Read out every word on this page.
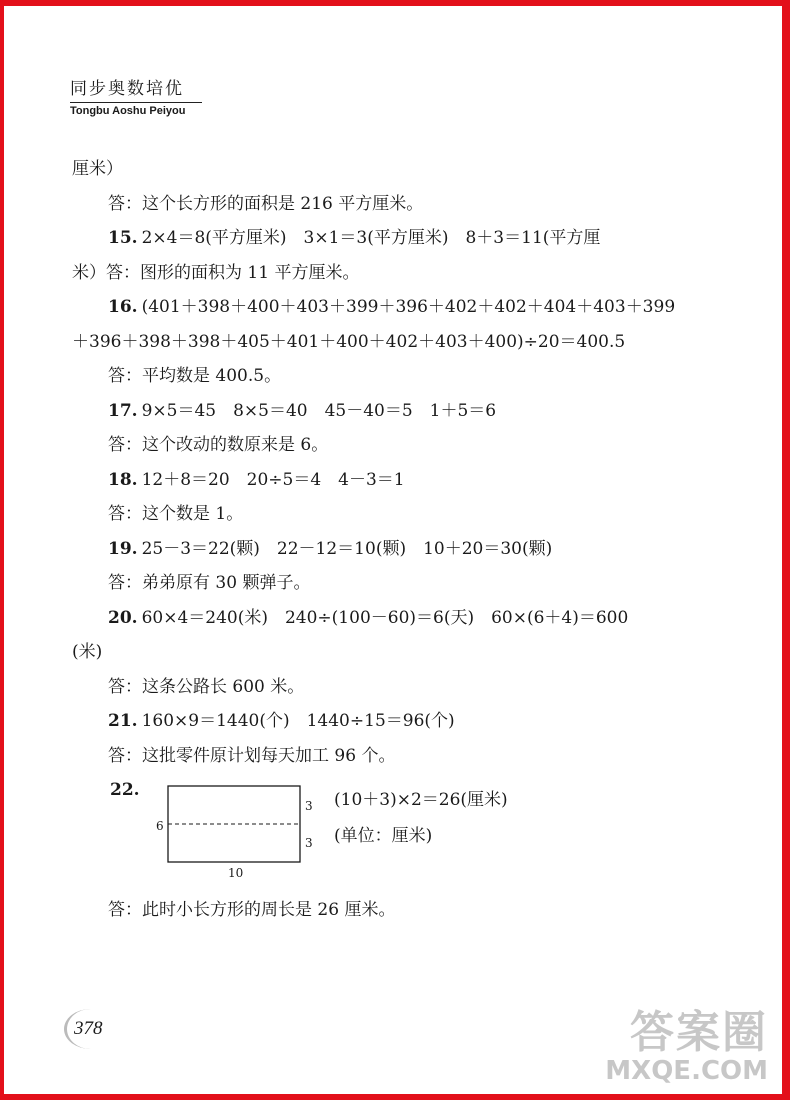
同步奥数培优
Tongbu Aoshu Peiyou

厘米）

答：这个长方形的面积是 216 平方厘米。

15. 2×4＝8(平方厘米)　3×1＝3(平方厘米)　8＋3＝11(平方厘

米）答：图形的面积为 11 平方厘米。

16. (401＋398＋400＋403＋399＋396＋402＋402＋404＋403＋399

＋396＋398＋398＋405＋401＋400＋402＋403＋400)÷20＝400.5

答：平均数是 400.5。

17. 9×5＝45　8×5＝40　45－40＝5　1＋5＝6

答：这个改动的数原来是 6。

18. 12＋8＝20　20÷5＝4　4－3＝1

答：这个数是 1。

19. 25－3＝22(颗)　22－12＝10(颗)　10＋20＝30(颗)

答：弟弟原有 30 颗弹子。

20. 60×4＝240(米)　240÷(100－60)＝6(天)　60×(6＋4)＝600

(米)

答：这条公路长 600 米。

21. 160×9＝1440(个)　1440÷15＝96(个)

答：这批零件原计划每天加工 96 个。

22.
6
3
3
10
(10＋3)×2＝26(厘米)
(单位：厘米)

答：此时小长方形的周长是 26 厘米。

378	答案圈
MXQE.COM
